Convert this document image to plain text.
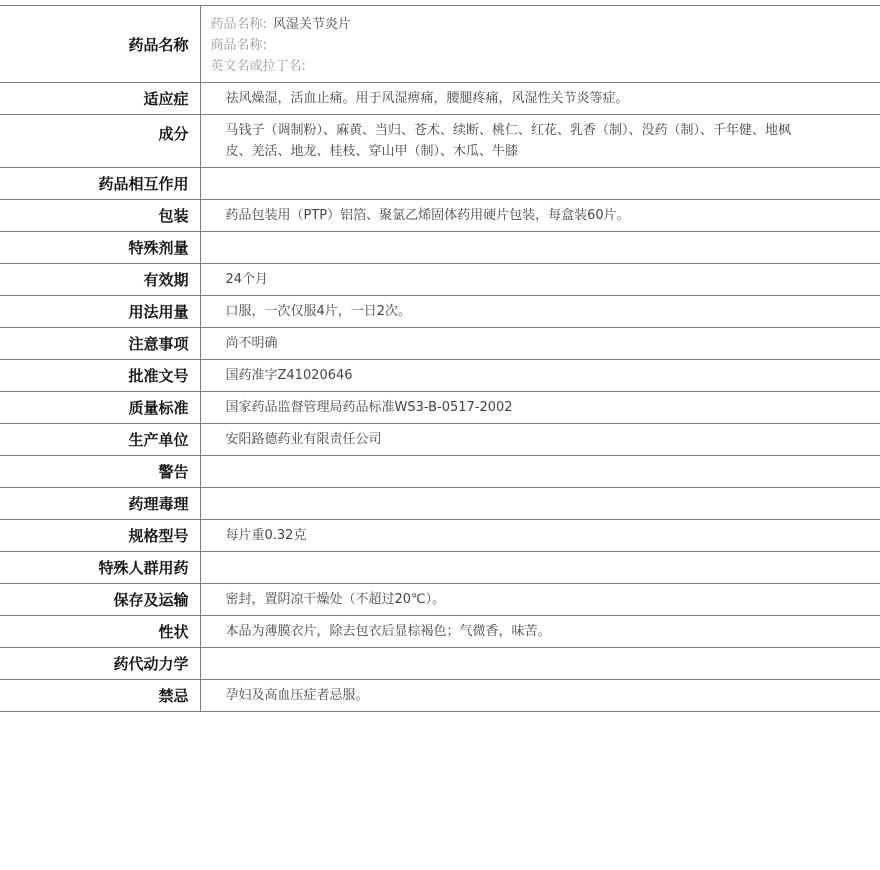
药品名称	药品名称: 风湿关节炎片
商品名称:
英文名或拉丁名:

适应症	祛风燥湿，活血止痛。用于风湿痹痛，腰腿疼痛，风湿性关节炎等症。

成分	马钱子（调制粉）、麻黄、当归、苍术、续断、桃仁、红花、乳香（制）、没药（制）、千年健、地枫皮、羌活、地龙、桂枝、穿山甲（制）、木瓜、牛膝

药品相互作用	

包装	药品包装用（PTP）铝箔、聚氯乙烯固体药用硬片包装，每盒装60片。

特殊剂量	

有效期	24个月

用法用量	口服，一次仅服4片，一日2次。

注意事项	尚不明确

批准文号	国药准字Z41020646

质量标准	国家药品监督管理局药品标准WS3-B-0517-2002

生产单位	安阳路德药业有限责任公司

警告	

药理毒理	

规格型号	每片重0.32克

特殊人群用药	

保存及运输	密封，置阴凉干燥处（不超过20℃）。

性状	本品为薄膜衣片，除去包衣后显棕褐色；气微香，味苦。

药代动力学	

禁忌	孕妇及高血压症者忌服。
